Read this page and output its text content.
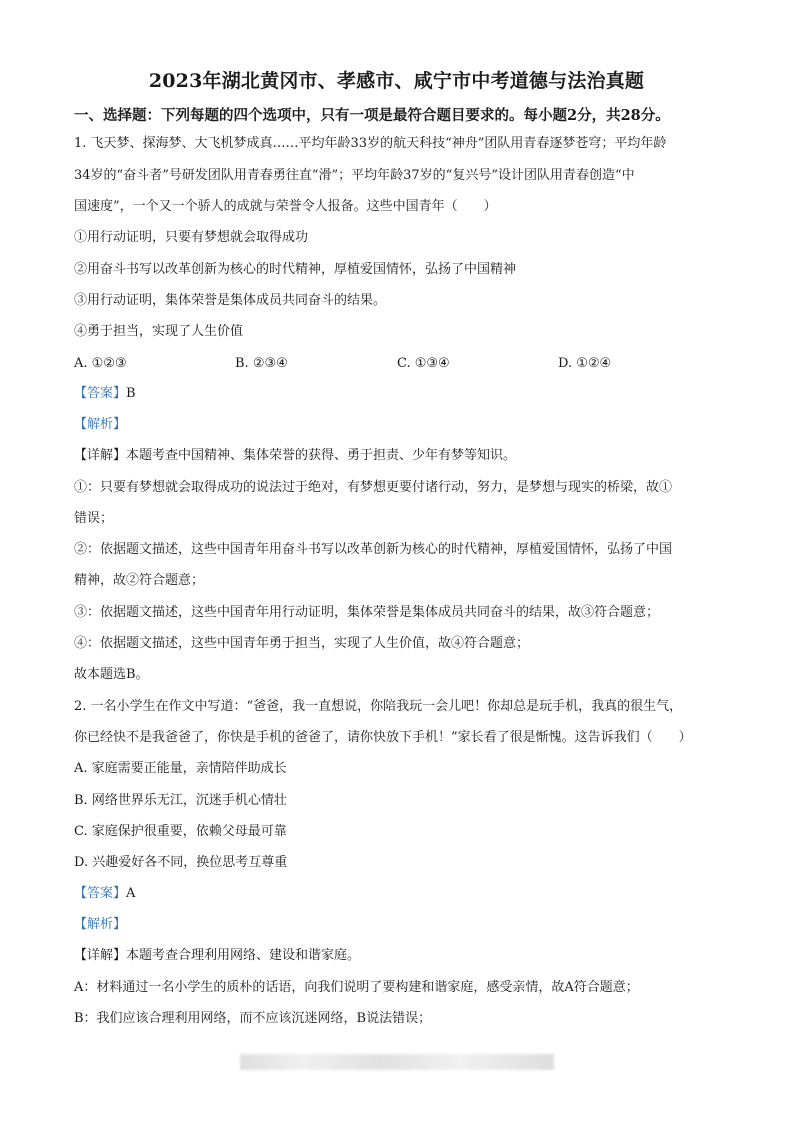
2023年湖北黄冈市、孝感市、咸宁市中考道德与法治真题
一、选择题：下列每题的四个选项中，只有一项是最符合题目要求的。每小题2分，共28分。
1. 飞天梦、探海梦、大飞机梦成真……平均年龄33岁的航天科技“神舟”团队用青春逐梦苍穹；平均年龄
34岁的“奋斗者”号研发团队用青春勇往直“滑”；平均年龄37岁的“复兴号”设计团队用青春创造“中
国速度”，一个又一个骄人的成就与荣誉令人报备。这些中国青年（　　）
①用行动证明，只要有梦想就会取得成功
②用奋斗书写以改革创新为核心的时代精神，厚植爱国情怀，弘扬了中国精神
③用行动证明，集体荣誉是集体成员共同奋斗的结果。
④勇于担当，实现了人生价值
A. ①②③	B. ②③④	C. ①③④	D. ①②④
【答案】B
【解析】
【详解】本题考查中国精神、集体荣誉的获得、勇于担责、少年有梦等知识。
①：只要有梦想就会取得成功的说法过于绝对，有梦想更要付诸行动，努力，是梦想与现实的桥梁，故①
错误；
②：依据题文描述，这些中国青年用奋斗书写以改革创新为核心的时代精神，厚植爱国情怀，弘扬了中国
精神，故②符合题意；
③：依据题文描述，这些中国青年用行动证明，集体荣誉是集体成员共同奋斗的结果，故③符合题意；
④：依据题文描述，这些中国青年勇于担当，实现了人生价值，故④符合题意；
故本题选B。
2. 一名小学生在作文中写道：“爸爸，我一直想说，你陪我玩一会儿吧！你却总是玩手机，我真的很生气，
你已经快不是我爸爸了，你快是手机的爸爸了，请你快放下手机！”家长看了很是惭愧。这告诉我们（　　）
A. 家庭需要正能量，亲情陪伴助成长
B. 网络世界乐无江，沉迷手机心情壮
C. 家庭保护很重要，依赖父母最可靠
D. 兴趣爱好各不同，换位思考互尊重
【答案】A
【解析】
【详解】本题考查合理利用网络、建设和谐家庭。
A：材料通过一名小学生的质朴的话语，向我们说明了要构建和谐家庭，感受亲情，故A符合题意；
B：我们应该合理利用网络，而不应该沉迷网络，B说法错误；
